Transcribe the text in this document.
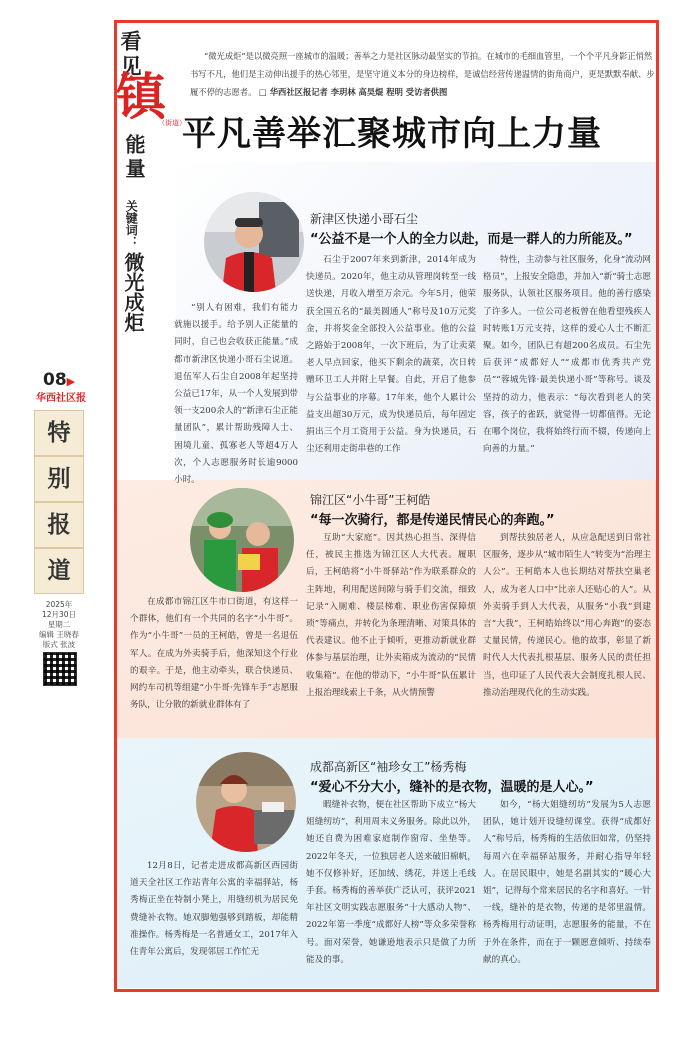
看见
镇
（街道）
能量
关键词：
微光成炬
08▶
华西社区报
特
别
报
道
2025年
12月30日
星期二
编辑 王晓春
版式 张波
“微光成炬”是以微亮照一座城市的温暖；善举之力是社区脉动最坚实的节拍。在城市的毛细血管里，一个个平凡身影正悄然书写不凡，他们是主动伸出援手的热心邻里，是坚守道义本分的身边榜样，是诚信经营传递温情的街角商户，更是默默奉献、步履不停的志愿者。 □ 华西社区报记者 李玥林 高昊焜 程明 受访者供图
平凡善举汇聚城市向上力量
新津区快递小哥石尘
“公益不是一个人的全力以赴，而是一群人的力所能及。”

“别人有困难，我们有能力就施以援手。给予别人正能量的同时，自己也会收获正能量。”成都市新津区快递小哥石尘说道。退伍军人石尘自2008年起坚持公益已17年，从一个人发展到带领一支200余人的“新津石尘正能量团队”，累计帮助残障人士、困境儿童、孤寡老人等超4万人次，个人志愿服务时长逾9000小时。

石尘于2007年来到新津，2014年成为快递员。2020年，他主动从管理岗转至一线送快递，月收入增至万余元。今年5月，他荣获全国五名的“最美圆通人”称号及10万元奖金，并将奖金全部投入公益事业。他的公益之路始于2008年，一次下班后，为了让卖菜老人早点回家，他买下剩余的蔬菜，次日转赠环卫工人并附上早餐。自此，开启了他参与公益事业的序幕。17年来，他个人累计公益支出超30万元，成为快递员后，每年固定捐出三个月工资用于公益。身为快递员，石尘还利用走街串巷的工作

特性，主动参与社区服务，化身“流动网格员”，上报安全隐患，并加入“新”骑士志愿服务队，认领社区服务项目。他的善行感染了许多人。一位公司老板曾在他看望残疾人时转账1万元支持，这样的爱心人士不断汇聚。如今，团队已有超200名成员。石尘先后获评“成都好人”“成都市优秀共产党员”“蓉城先锋·最美快递小哥”等称号。谈及坚持的动力，他表示：“每次看到老人的笑容，孩子的雀跃，就觉得一切都值得。无论在哪个岗位，我将始终行而不辍，传递向上向善的力量。”

锦江区“小牛哥”王柯皓
“每一次骑行，都是传递民情民心的奔跑。”

在成都市锦江区牛市口街道，有这样一个群体，他们有一个共同的名字“小牛哥”。作为“小牛哥”一员的王柯皓，曾是一名退伍军人。在成为外卖骑手后，他深知这个行业的艰辛。于是，他主动牵头，联合快递员、网约车司机等组建“小牛哥·先锋车手”志愿服务队，让分散的新就业群体有了

互助“大家庭”。因其热心担当、深得信任，被民主推选为锦江区人大代表。履职后，王柯皓将“小牛哥驿站”作为联系群众的主阵地，利用配送间隙与骑手们交流，细致记录“入厕难、楼层梯难、职业伤害保障烦琐”等痛点，并转化为条理清晰、对策具体的代表建议。他不止于倾听，更推动新就业群体参与基层治理，让外卖箱成为流动的“民情收集箱”。在他的带动下，“小牛哥”队伍累计上报治理线索上千条，从火情预警

到帮扶独居老人，从应急配送到日常社区服务，逐步从“城市陌生人”转变为“治理主人公”。王柯皓本人也长期结对帮扶空巢老人，成为老人口中“比亲人还贴心的人”。从外卖骑手到人大代表，从服务“小我”到建言“大我”，王柯皓始终以“用心奔跑”的姿态丈量民情，传递民心。他的故事，彰显了新时代人大代表扎根基层、服务人民的责任担当，也印证了人民代表大会制度扎根人民、推动治理现代化的生动实践。

成都高新区“袖珍女工”杨秀梅
“爱心不分大小，缝补的是衣物，温暖的是人心。”

12月8日，记者走进成都高新区西园街道天全社区工作站青年公寓的幸福驿站，杨秀梅正坐在特制小凳上，用缝纫机为居民免费缝补衣物。她双脚勉强够到踏板，却能精准操作。杨秀梅是一名普通女工，2017年入住青年公寓后，发现邻居工作忙无

暇缝补衣物，便在社区帮助下成立“杨大姐缝纫坊”，利用周末义务服务。除此以外，她还自费为困难家庭制作窗帘、坐垫等。2022年冬天，一位独居老人送来破旧棉帆，她不仅修补好，还加绒、绣花，并送上毛线手套。杨秀梅的善举获广泛认可，获评2021年社区文明实践志愿服务“十大感动人物”、2022年第一季度“成都好人榜”等众多荣誉称号。面对荣誉，她谦逊地表示只是做了力所能及的事。

如今，“杨大姐缝纫坊”发展为5人志愿团队，她计划开设缝纫课堂。获得“成都好人”称号后，杨秀梅的生活依旧如常，仍坚持每周六在幸福驿站服务，并耐心指导年轻人。在居民眼中，她是名副其实的“暖心大姐”，记得每个常来居民的名字和喜好。一针一线，缝补的是衣物，传递的是邻里温情。杨秀梅用行动证明，志愿服务的能量，不在于外在条件，而在于一颗愿意倾听、持续奉献的真心。
